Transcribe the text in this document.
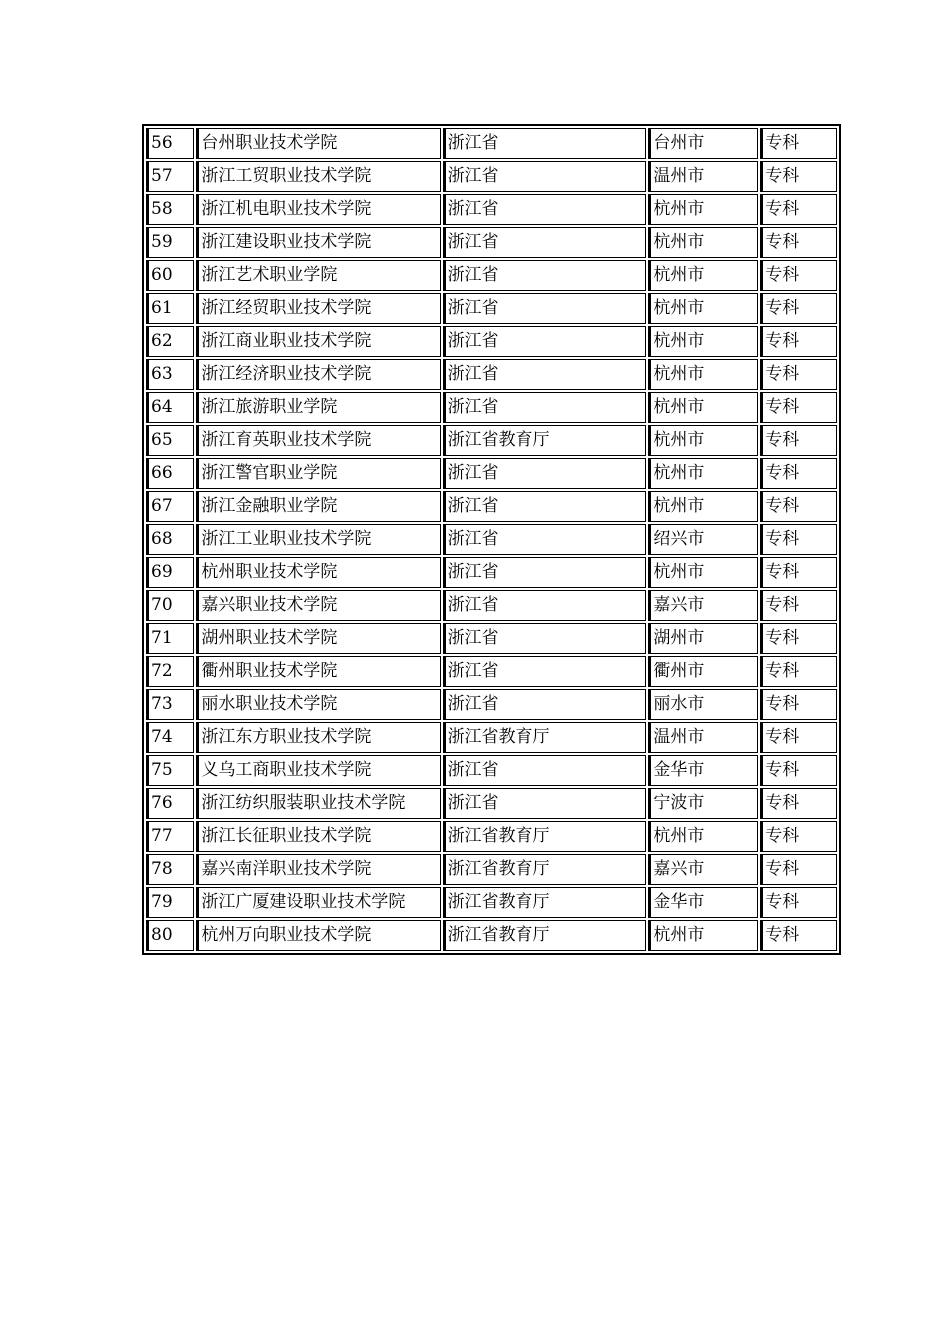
56	台州职业技术学院	浙江省	台州市	专科
57	浙江工贸职业技术学院	浙江省	温州市	专科
58	浙江机电职业技术学院	浙江省	杭州市	专科
59	浙江建设职业技术学院	浙江省	杭州市	专科
60	浙江艺术职业学院	浙江省	杭州市	专科
61	浙江经贸职业技术学院	浙江省	杭州市	专科
62	浙江商业职业技术学院	浙江省	杭州市	专科
63	浙江经济职业技术学院	浙江省	杭州市	专科
64	浙江旅游职业学院	浙江省	杭州市	专科
65	浙江育英职业技术学院	浙江省教育厅	杭州市	专科
66	浙江警官职业学院	浙江省	杭州市	专科
67	浙江金融职业学院	浙江省	杭州市	专科
68	浙江工业职业技术学院	浙江省	绍兴市	专科
69	杭州职业技术学院	浙江省	杭州市	专科
70	嘉兴职业技术学院	浙江省	嘉兴市	专科
71	湖州职业技术学院	浙江省	湖州市	专科
72	衢州职业技术学院	浙江省	衢州市	专科
73	丽水职业技术学院	浙江省	丽水市	专科
74	浙江东方职业技术学院	浙江省教育厅	温州市	专科
75	义乌工商职业技术学院	浙江省	金华市	专科
76	浙江纺织服装职业技术学院	浙江省	宁波市	专科
77	浙江长征职业技术学院	浙江省教育厅	杭州市	专科
78	嘉兴南洋职业技术学院	浙江省教育厅	嘉兴市	专科
79	浙江广厦建设职业技术学院	浙江省教育厅	金华市	专科
80	杭州万向职业技术学院	浙江省教育厅	杭州市	专科
